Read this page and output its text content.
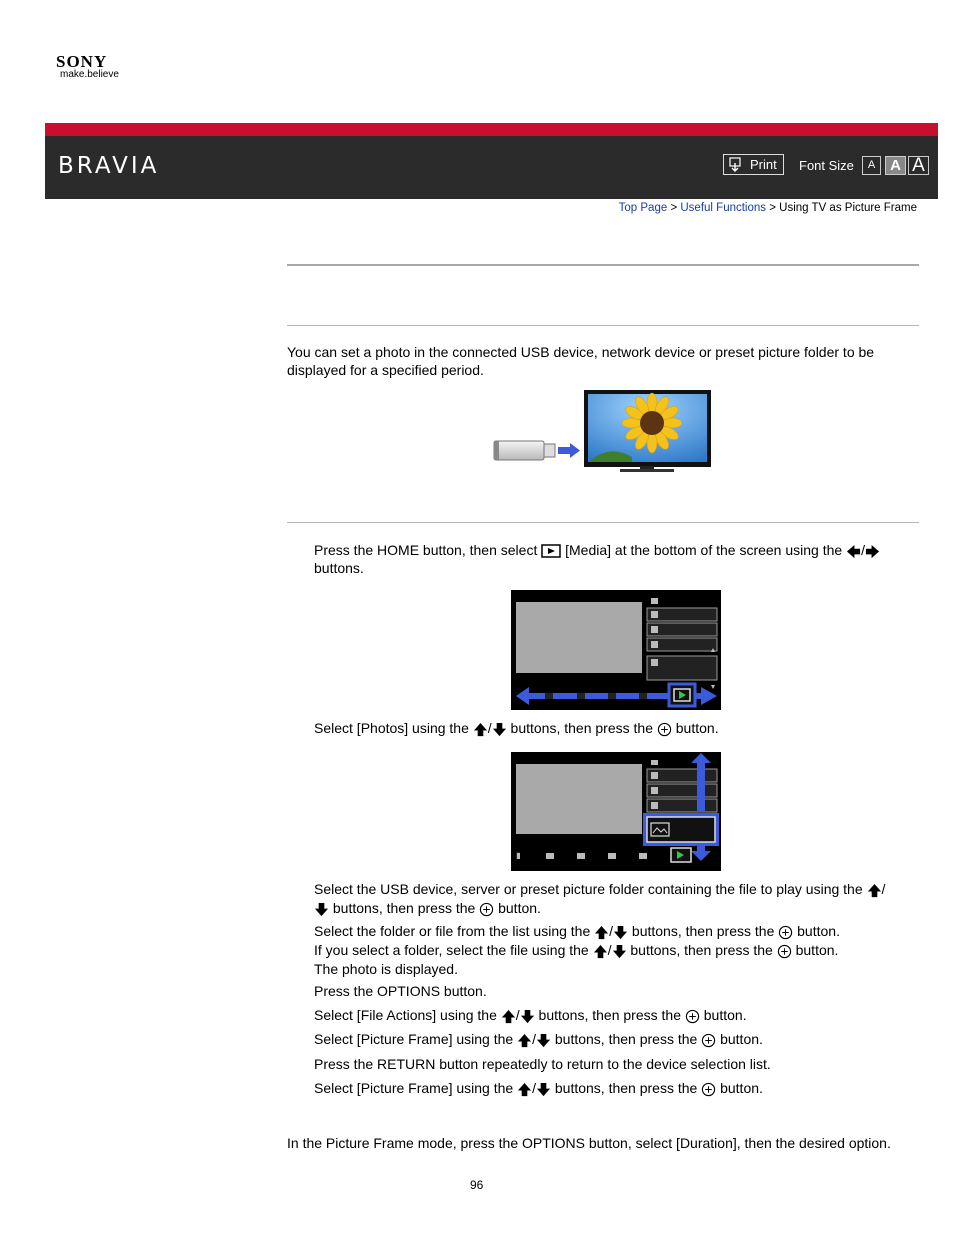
SONY
make.believe
BRAVIA	Print Font Size	A A A
Top Page > Useful Functions > Using TV as Picture Frame
You can set a photo in the connected USB device, network device or preset picture folder to be displayed for a specified period.
Press the HOME button, then select [Media] at the bottom of the screen using the / buttons.
Select [Photos] using the / buttons, then press the button.
Select the USB device, server or preset picture folder containing the file to play using the /
buttons, then press the button.
Select the folder or file from the list using the / buttons, then press the button.
If you select a folder, select the file using the / buttons, then press the button.
The photo is displayed.
Press the OPTIONS button.
Select [File Actions] using the / buttons, then press the button.
Select [Picture Frame] using the / buttons, then press the button.
Press the RETURN button repeatedly to return to the device selection list.
Select [Picture Frame] using the / buttons, then press the button.
In the Picture Frame mode, press the OPTIONS button, select [Duration], then the desired option.
96
